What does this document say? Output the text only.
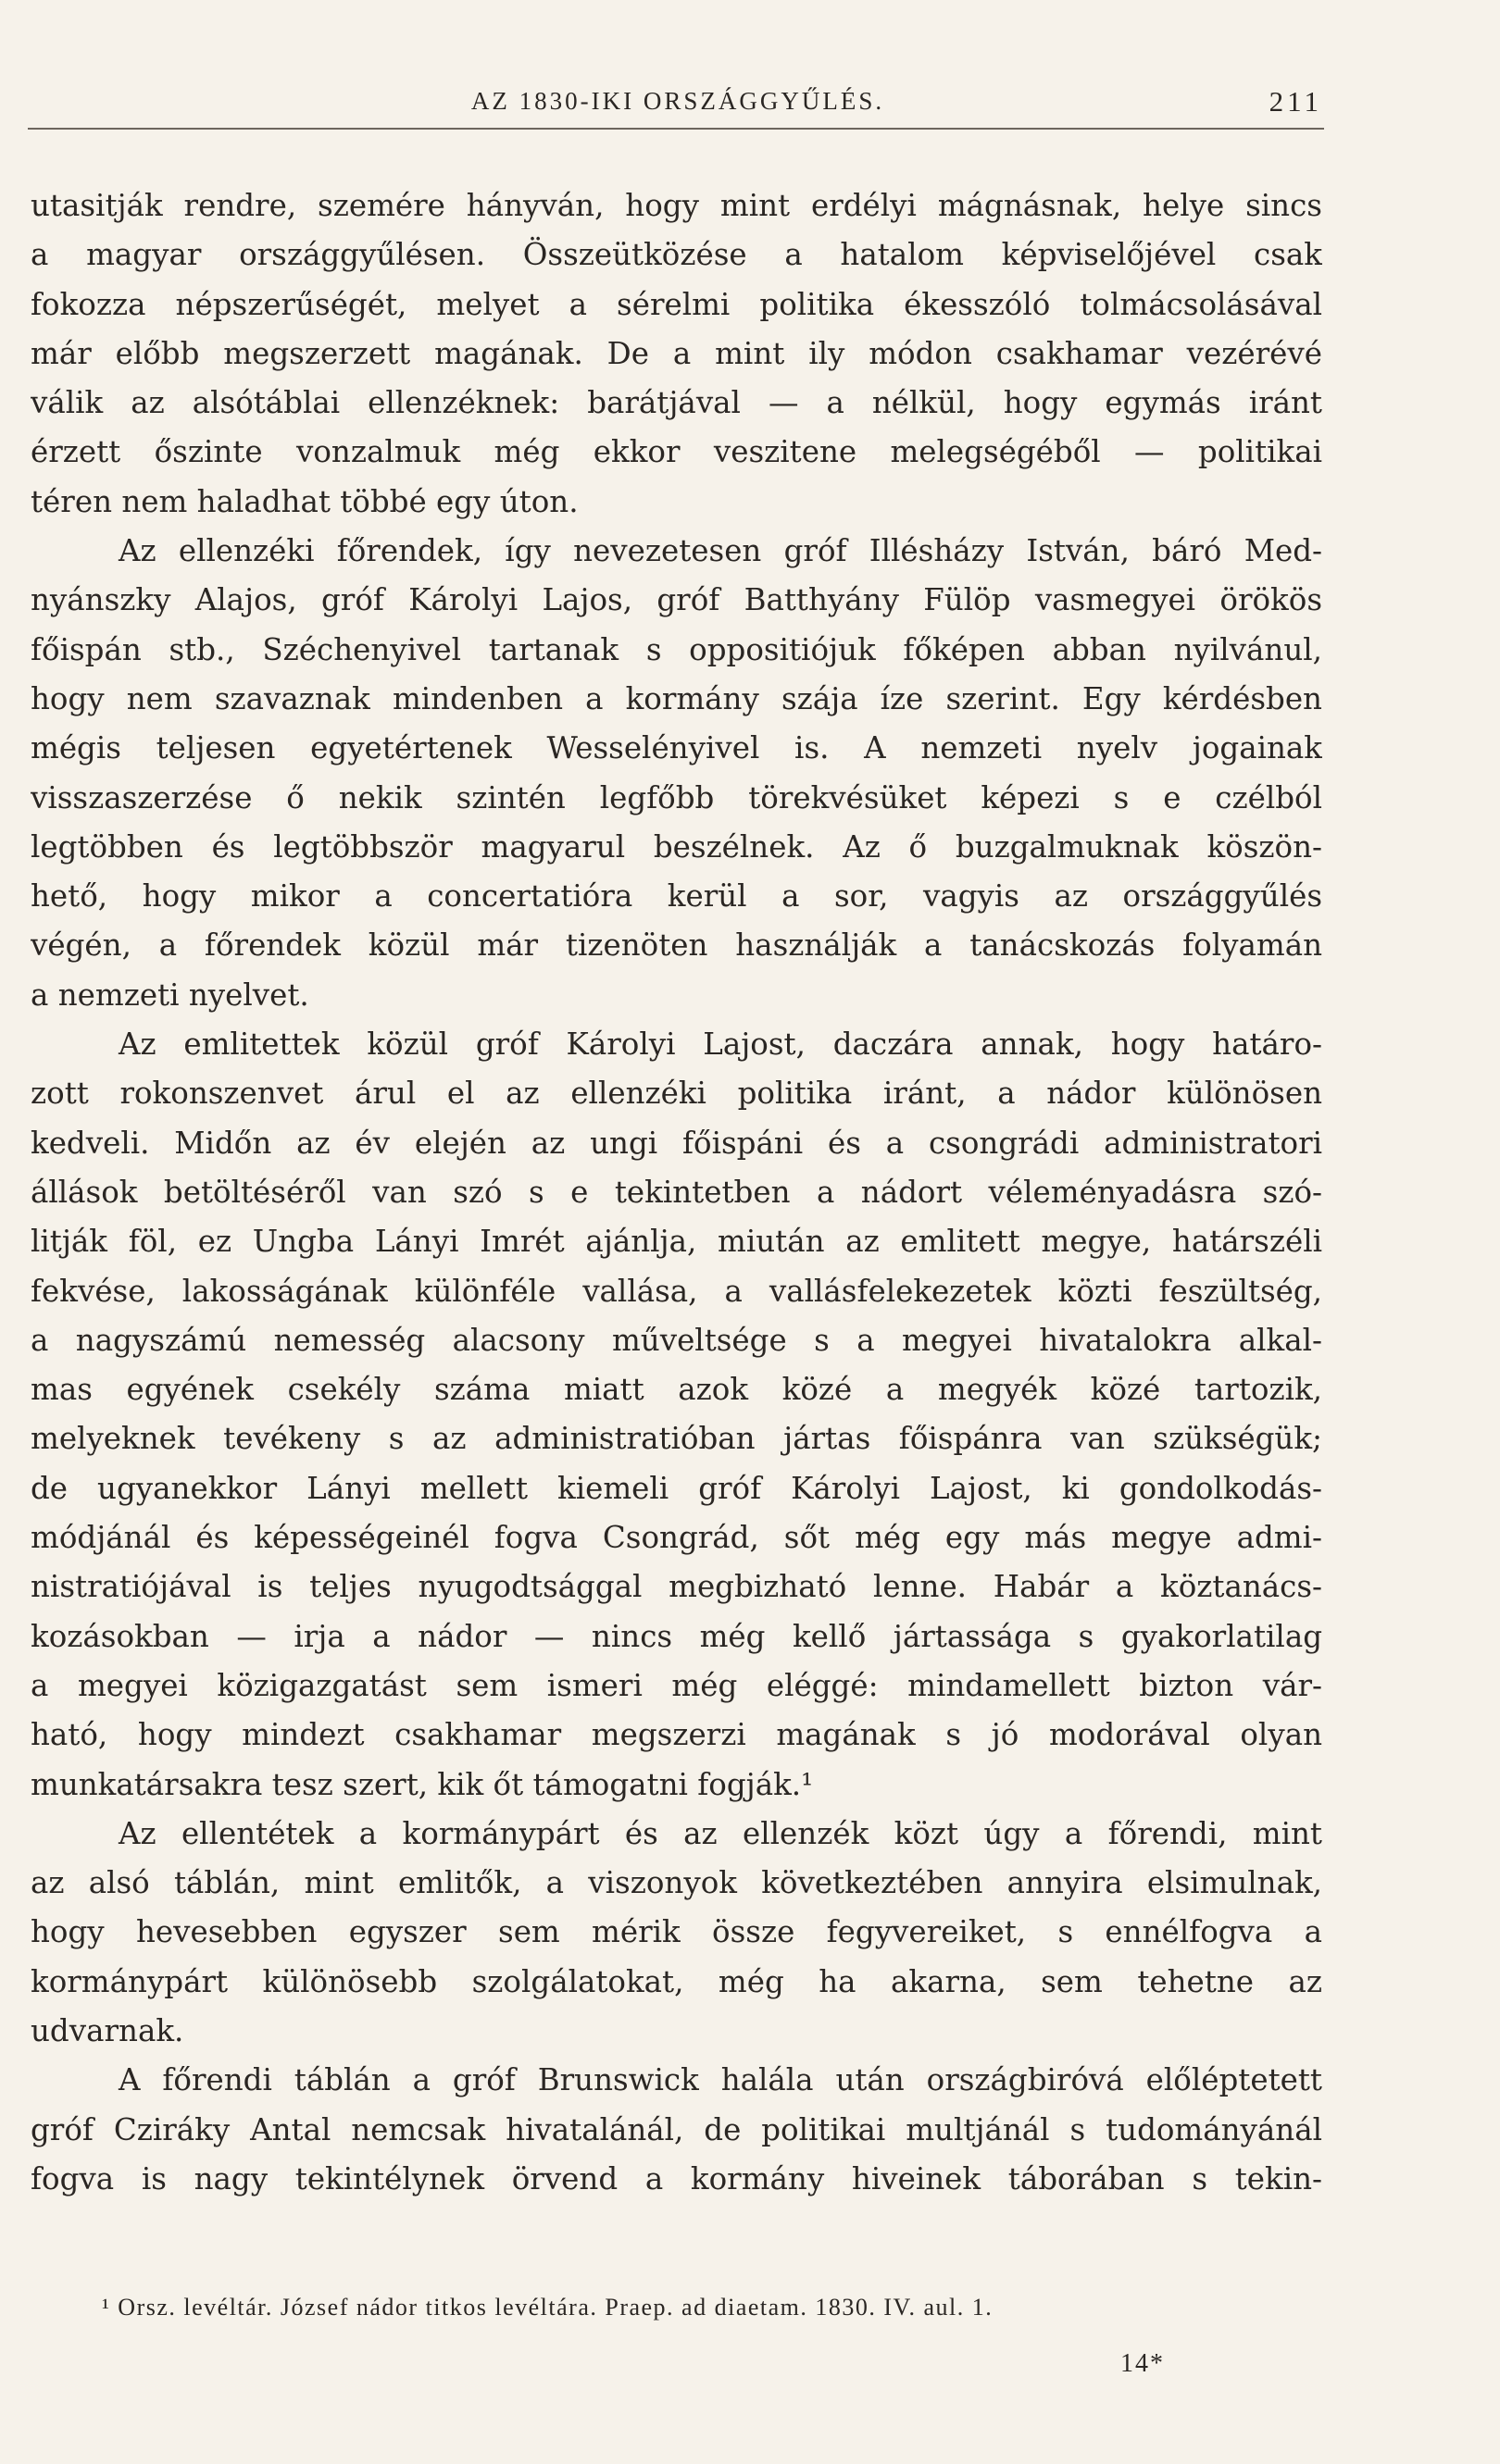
AZ 1830-IKI ORSZÁGGYŰLÉS.	211
utasitják rendre, szemére hányván, hogy mint erdélyi mágnásnak, helye sincs
a magyar országgyűlésen. Összeütközése a hatalom képviselőjével csak
fokozza népszerűségét, melyet a sérelmi politika ékesszóló tolmácsolásával
már előbb megszerzett magának. De a mint ily módon csakhamar vezérévé
válik az alsótáblai ellenzéknek: barátjával — a nélkül, hogy egymás iránt
érzett őszinte vonzalmuk még ekkor veszitene melegségéből — politikai
téren nem haladhat többé egy úton.
Az ellenzéki főrendek, így nevezetesen gróf Illésházy István, báró Med-
nyánszky Alajos, gróf Károlyi Lajos, gróf Batthyány Fülöp vasmegyei örökös
főispán stb., Széchenyivel tartanak s oppositiójuk főképen abban nyilvánul,
hogy nem szavaznak mindenben a kormány szája íze szerint. Egy kérdésben
mégis teljesen egyetértenek Wesselényivel is. A nemzeti nyelv jogainak
visszaszerzése ő nekik szintén legfőbb törekvésüket képezi s e czélból
legtöbben és legtöbbször magyarul beszélnek. Az ő buzgalmuknak köszön-
hető, hogy mikor a concertatióra kerül a sor, vagyis az országgyűlés
végén, a főrendek közül már tizenöten használják a tanácskozás folyamán
a nemzeti nyelvet.
Az emlitettek közül gróf Károlyi Lajost, daczára annak, hogy határo-
zott rokonszenvet árul el az ellenzéki politika iránt, a nádor különösen
kedveli. Midőn az év elején az ungi főispáni és a csongrádi administratori
állások betöltéséről van szó s e tekintetben a nádort véleményadásra szó-
litják föl, ez Ungba Lányi Imrét ajánlja, miután az emlitett megye, határszéli
fekvése, lakosságának különféle vallása, a vallásfelekezetek közti feszültség,
a nagyszámú nemesség alacsony műveltsége s a megyei hivatalokra alkal-
mas egyének csekély száma miatt azok közé a megyék közé tartozik,
melyeknek tevékeny s az administratióban jártas főispánra van szükségük;
de ugyanekkor Lányi mellett kiemeli gróf Károlyi Lajost, ki gondolkodás-
módjánál és képességeinél fogva Csongrád, sőt még egy más megye admi-
nistratiójával is teljes nyugodtsággal megbizható lenne. Habár a köztanács-
kozásokban — irja a nádor — nincs még kellő jártassága s gyakorlatilag
a megyei közigazgatást sem ismeri még eléggé: mindamellett bizton vár-
ható, hogy mindezt csakhamar megszerzi magának s jó modorával olyan
munkatársakra tesz szert, kik őt támogatni fogják.¹
Az ellentétek a kormánypárt és az ellenzék közt úgy a főrendi, mint
az alsó táblán, mint emlitők, a viszonyok következtében annyira elsimulnak,
hogy hevesebben egyszer sem mérik össze fegyvereiket, s ennélfogva a
kormánypárt különösebb szolgálatokat, még ha akarna, sem tehetne az
udvarnak.
A főrendi táblán a gróf Brunswick halála után országbiróvá előléptetett
gróf Cziráky Antal nemcsak hivatalánál, de politikai multjánál s tudományánál
fogva is nagy tekintélynek örvend a kormány hiveinek táborában s tekin-
¹ Orsz. levéltár. József nádor titkos levéltára. Praep. ad diaetam. 1830. IV. aul. 1.
14*
